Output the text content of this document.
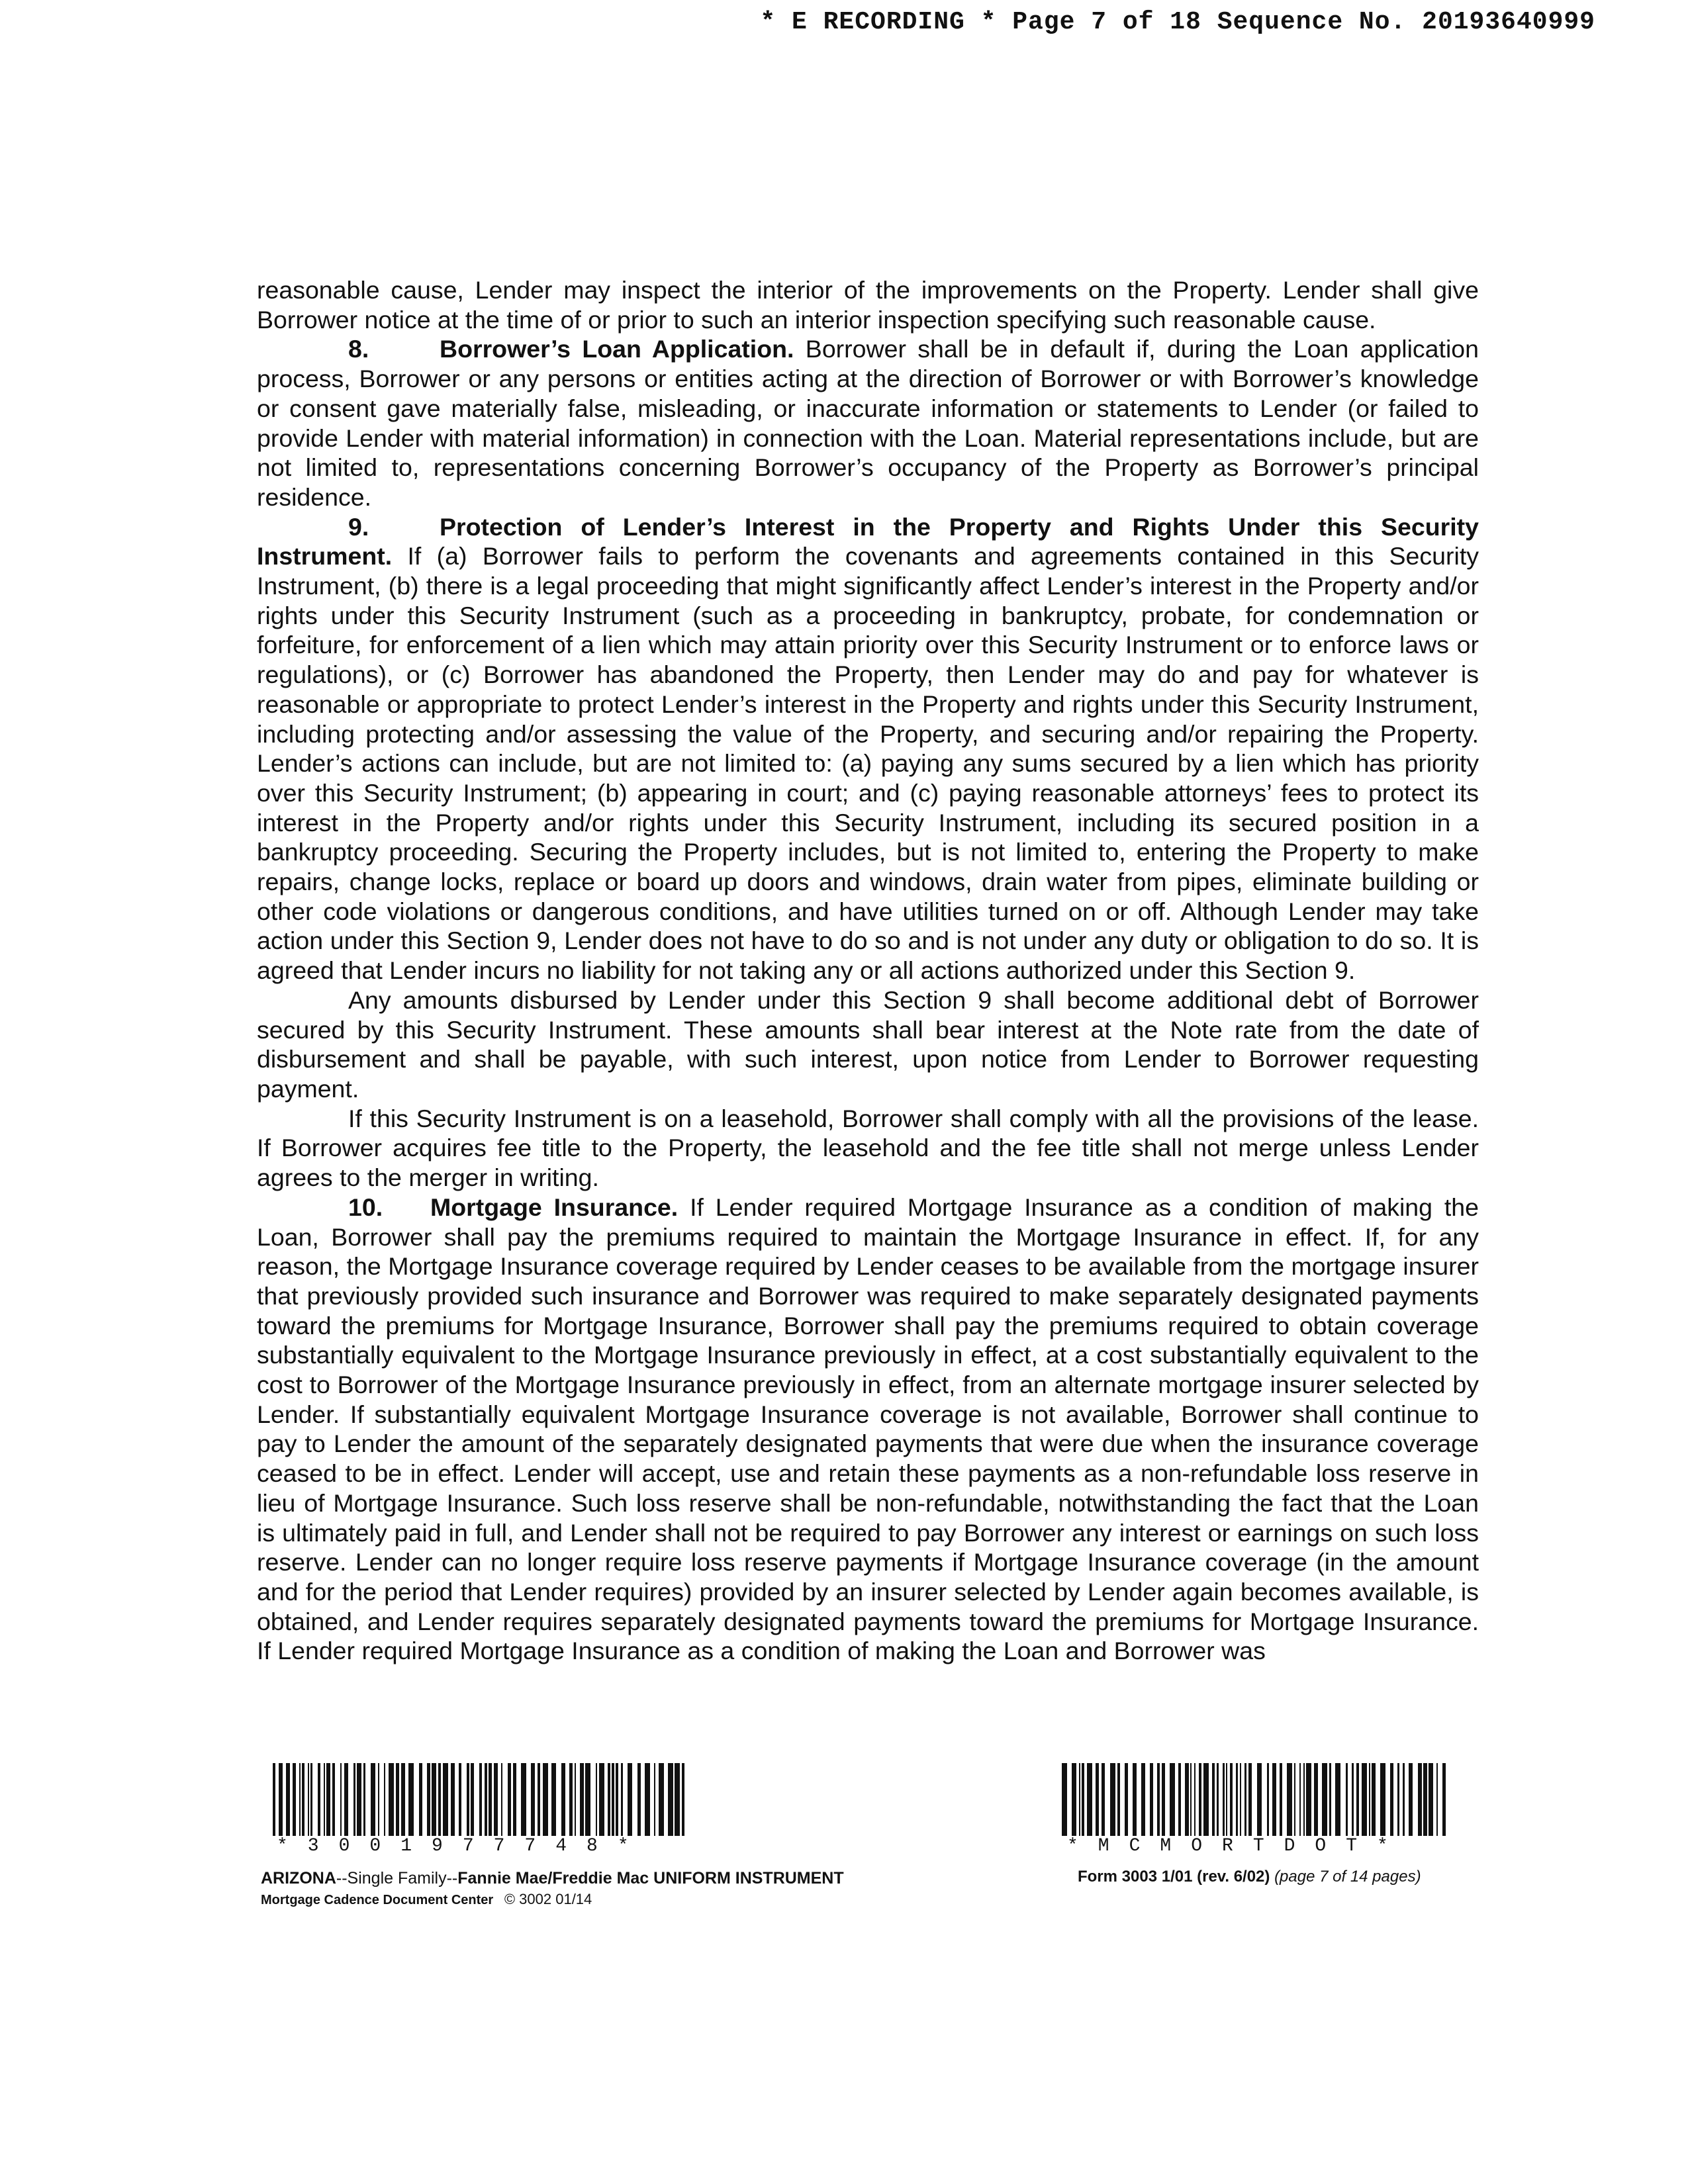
* E RECORDING * Page 7 of 18 Sequence No. 20193640999

reasonable cause, Lender may inspect the interior of the improvements on the Property. Lender shall give Borrower notice at the time of or prior to such an interior inspection specifying such reasonable cause.

8.	Borrower’s Loan Application. Borrower shall be in default if, during the Loan application process, Borrower or any persons or entities acting at the direction of Borrower or with Borrower’s knowledge or consent gave materially false, misleading, or inaccurate information or statements to Lender (or failed to provide Lender with material information) in connection with the Loan. Material representations include, but are not limited to, representations concerning Borrower’s occupancy of the Property as Borrower’s principal residence.

9.	Protection of Lender’s Interest in the Property and Rights Under this Security Instrument. If (a) Borrower fails to perform the covenants and agreements contained in this Security Instrument, (b) there is a legal proceeding that might significantly affect Lender’s interest in the Property and/or rights under this Security Instrument (such as a proceeding in bankruptcy, probate, for condemnation or forfeiture, for enforcement of a lien which may attain priority over this Security Instrument or to enforce laws or regulations), or (c) Borrower has abandoned the Property, then Lender may do and pay for whatever is reasonable or appropriate to protect Lender’s interest in the Property and rights under this Security Instrument, including protecting and/or assessing the value of the Property, and securing and/or repairing the Property. Lender’s actions can include, but are not limited to: (a) paying any sums secured by a lien which has priority over this Security Instrument; (b) appearing in court; and (c) paying reasonable attorneys’ fees to protect its interest in the Property and/or rights under this Security Instrument, including its secured position in a bankruptcy proceeding. Securing the Property includes, but is not limited to, entering the Property to make repairs, change locks, replace or board up doors and windows, drain water from pipes, eliminate building or other code violations or dangerous conditions, and have utilities turned on or off. Although Lender may take action under this Section 9, Lender does not have to do so and is not under any duty or obligation to do so. It is agreed that Lender incurs no liability for not taking any or all actions authorized under this Section 9.

Any amounts disbursed by Lender under this Section 9 shall become additional debt of Borrower secured by this Security Instrument. These amounts shall bear interest at the Note rate from the date of disbursement and shall be payable, with such interest, upon notice from Lender to Borrower requesting payment.

If this Security Instrument is on a leasehold, Borrower shall comply with all the provisions of the lease. If Borrower acquires fee title to the Property, the leasehold and the fee title shall not merge unless Lender agrees to the merger in writing.

10. Mortgage Insurance. If Lender required Mortgage Insurance as a condition of making the Loan, Borrower shall pay the premiums required to maintain the Mortgage Insurance in effect. If, for any reason, the Mortgage Insurance coverage required by Lender ceases to be available from the mortgage insurer that previously provided such insurance and Borrower was required to make separately designated payments toward the premiums for Mortgage Insurance, Borrower shall pay the premiums required to obtain coverage substantially equivalent to the Mortgage Insurance previously in effect, at a cost substantially equivalent to the cost to Borrower of the Mortgage Insurance previously in effect, from an alternate mortgage insurer selected by Lender. If substantially equivalent Mortgage Insurance coverage is not available, Borrower shall continue to pay to Lender the amount of the separately designated payments that were due when the insurance coverage ceased to be in effect. Lender will accept, use and retain these payments as a non-refundable loss reserve in lieu of Mortgage Insurance. Such loss reserve shall be non-refundable, notwithstanding the fact that the Loan is ultimately paid in full, and Lender shall not be required to pay Borrower any interest or earnings on such loss reserve. Lender can no longer require loss reserve payments if Mortgage Insurance coverage (in the amount and for the period that Lender requires) provided by an insurer selected by Lender again becomes available, is obtained, and Lender requires separately designated payments toward the premiums for Mortgage Insurance. If Lender required Mortgage Insurance as a condition of making the Loan and Borrower was

*3001977748*	*MCMORTDOT*
ARIZONA--Single Family--Fannie Mae/Freddie Mac UNIFORM INSTRUMENT
Mortgage Cadence Document Center © 3002 01/14
Form 3003 1/01 (rev. 6/02) (page 7 of 14 pages)
